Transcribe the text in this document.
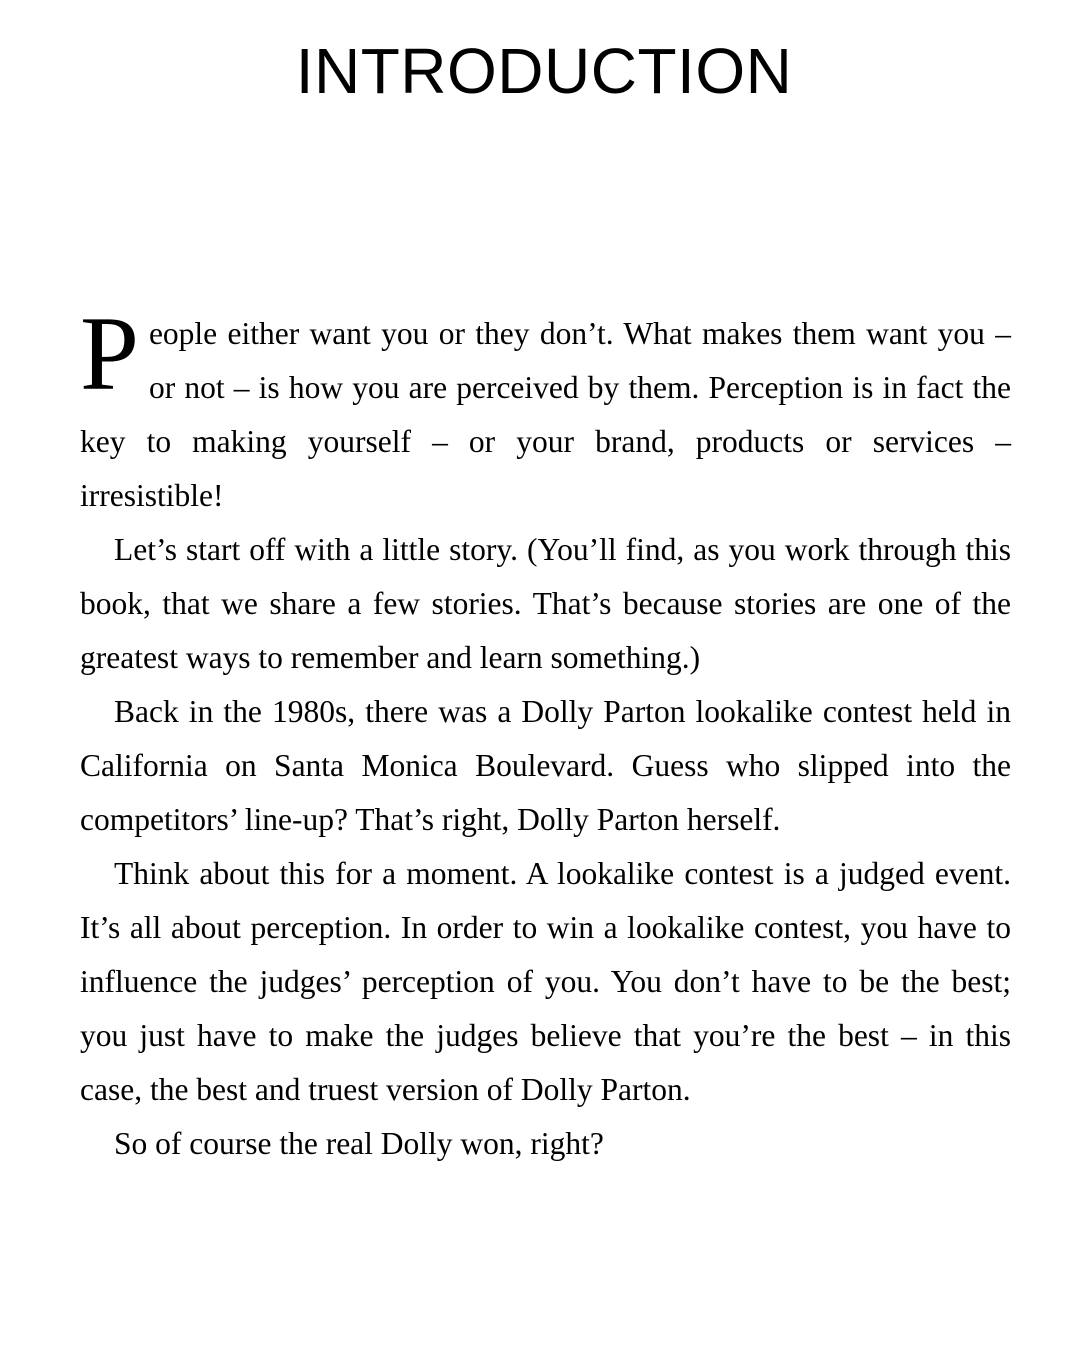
INTRODUCTION

People either want you or they don’t. What makes them want you – or not – is how you are perceived by them. Perception is in fact the key to making yourself – or your brand, products or services – irresistible!

Let’s start off with a little story. (You’ll find, as you work through this book, that we share a few stories. That’s because stories are one of the greatest ways to remember and learn something.)

Back in the 1980s, there was a Dolly Parton lookalike contest held in California on Santa Monica Boulevard. Guess who slipped into the competitors’ line-up? That’s right, Dolly Parton herself.

Think about this for a moment. A lookalike contest is a judged event. It’s all about perception. In order to win a lookalike contest, you have to influence the judges’ perception of you. You don’t have to be the best; you just have to make the judges believe that you’re the best – in this case, the best and truest version of Dolly Parton.

So of course the real Dolly won, right?
